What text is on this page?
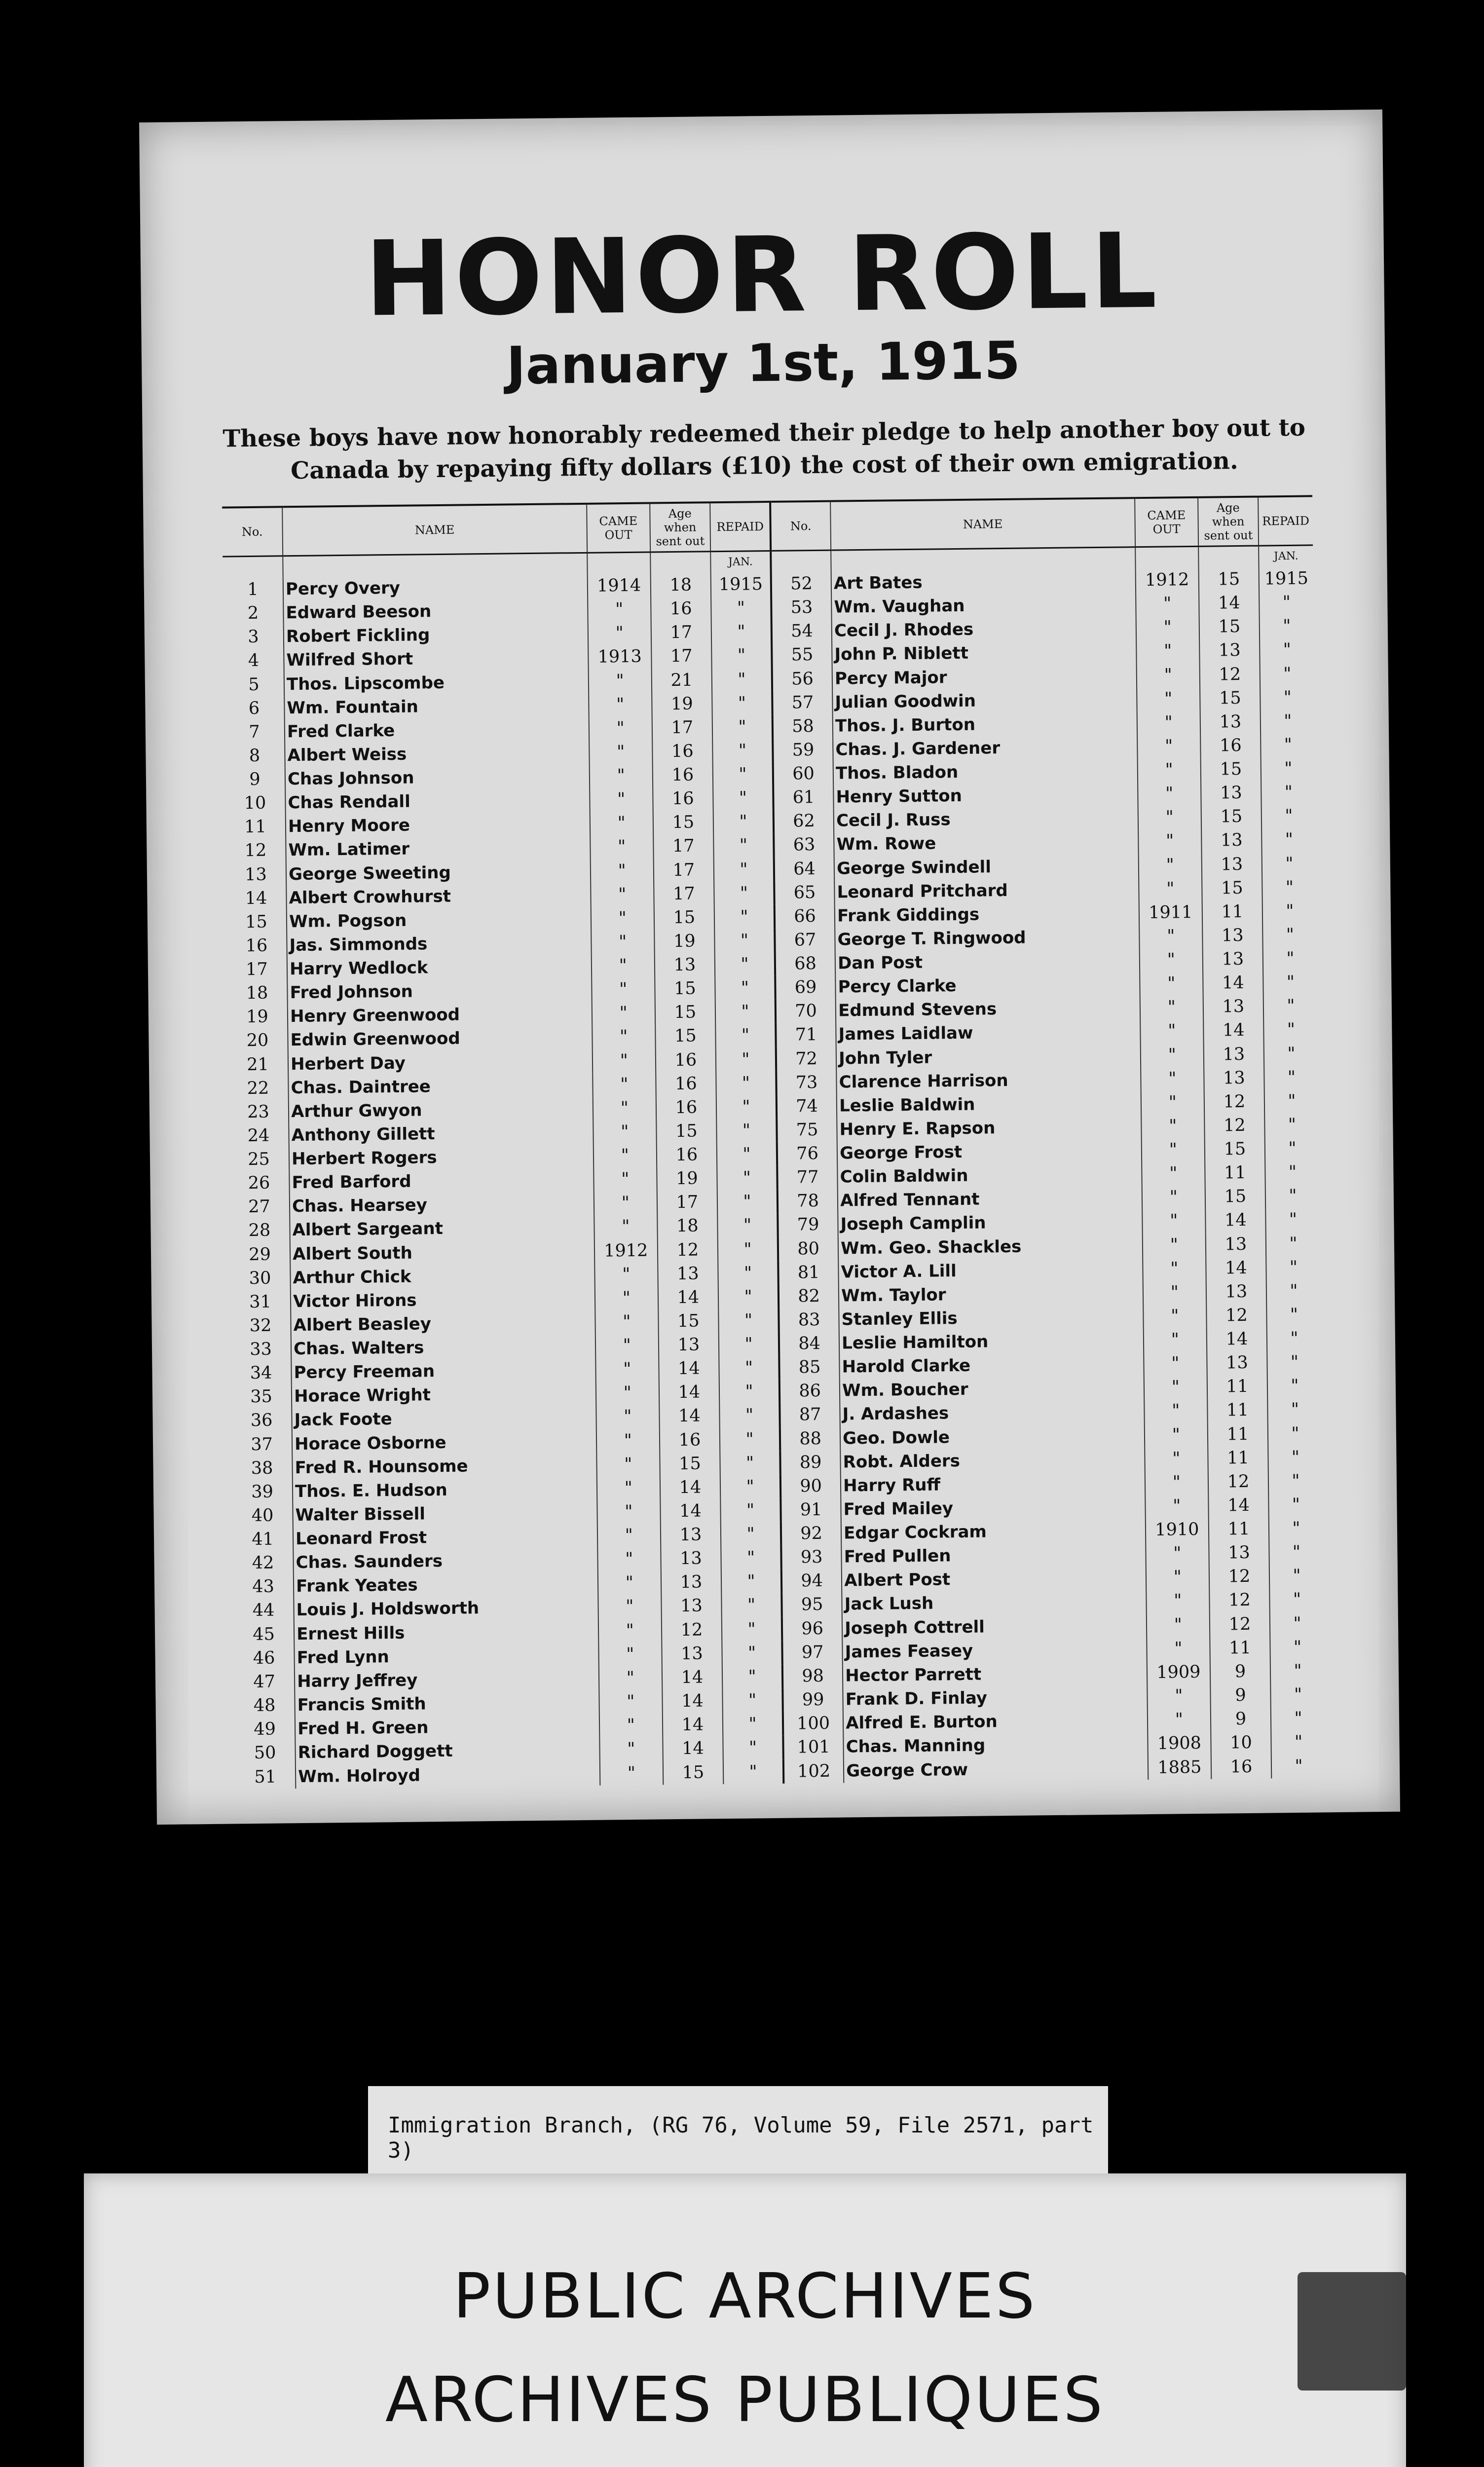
HONOR ROLL
January 1st, 1915
These boys have now honorably redeemed their pledge to help another boy out to Canada by repaying fifty dollars (£10) the cost of their own emigration.
No.	NAME	CAME OUT	Age when sent out	REPAID	No.	NAME	CAME OUT	Age when sent out	REPAID
				JAN.					JAN.
1	Percy Overy	1914	18	1915	52	Art Bates	1912	15	1915
2	Edward Beeson	"	16	"	53	Wm. Vaughan	"	14	"
3	Robert Fickling	"	17	"	54	Cecil J. Rhodes	"	15	"
4	Wilfred Short	1913	17	"	55	John P. Niblett	"	13	"
5	Thos. Lipscombe	"	21	"	56	Percy Major	"	12	"
6	Wm. Fountain	"	19	"	57	Julian Goodwin	"	15	"
7	Fred Clarke	"	17	"	58	Thos. J. Burton	"	13	"
8	Albert Weiss	"	16	"	59	Chas. J. Gardener	"	16	"
9	Chas Johnson	"	16	"	60	Thos. Bladon	"	15	"
10	Chas Rendall	"	16	"	61	Henry Sutton	"	13	"
11	Henry Moore	"	15	"	62	Cecil J. Russ	"	15	"
12	Wm. Latimer	"	17	"	63	Wm. Rowe	"	13	"
13	George Sweeting	"	17	"	64	George Swindell	"	13	"
14	Albert Crowhurst	"	17	"	65	Leonard Pritchard	"	15	"
15	Wm. Pogson	"	15	"	66	Frank Giddings	1911	11	"
16	Jas. Simmonds	"	19	"	67	George T. Ringwood	"	13	"
17	Harry Wedlock	"	13	"	68	Dan Post	"	13	"
18	Fred Johnson	"	15	"	69	Percy Clarke	"	14	"
19	Henry Greenwood	"	15	"	70	Edmund Stevens	"	13	"
20	Edwin Greenwood	"	15	"	71	James Laidlaw	"	14	"
21	Herbert Day	"	16	"	72	John Tyler	"	13	"
22	Chas. Daintree	"	16	"	73	Clarence Harrison	"	13	"
23	Arthur Gwyon	"	16	"	74	Leslie Baldwin	"	12	"
24	Anthony Gillett	"	15	"	75	Henry E. Rapson	"	12	"
25	Herbert Rogers	"	16	"	76	George Frost	"	15	"
26	Fred Barford	"	19	"	77	Colin Baldwin	"	11	"
27	Chas. Hearsey	"	17	"	78	Alfred Tennant	"	15	"
28	Albert Sargeant	"	18	"	79	Joseph Camplin	"	14	"
29	Albert South	1912	12	"	80	Wm. Geo. Shackles	"	13	"
30	Arthur Chick	"	13	"	81	Victor A. Lill	"	14	"
31	Victor Hirons	"	14	"	82	Wm. Taylor	"	13	"
32	Albert Beasley	"	15	"	83	Stanley Ellis	"	12	"
33	Chas. Walters	"	13	"	84	Leslie Hamilton	"	14	"
34	Percy Freeman	"	14	"	85	Harold Clarke	"	13	"
35	Horace Wright	"	14	"	86	Wm. Boucher	"	11	"
36	Jack Foote	"	14	"	87	J. Ardashes	"	11	"
37	Horace Osborne	"	16	"	88	Geo. Dowle	"	11	"
38	Fred R. Hounsome	"	15	"	89	Robt. Alders	"	11	"
39	Thos. E. Hudson	"	14	"	90	Harry Ruff	"	12	"
40	Walter Bissell	"	14	"	91	Fred Mailey	"	14	"
41	Leonard Frost	"	13	"	92	Edgar Cockram	1910	11	"
42	Chas. Saunders	"	13	"	93	Fred Pullen	"	13	"
43	Frank Yeates	"	13	"	94	Albert Post	"	12	"
44	Louis J. Holdsworth	"	13	"	95	Jack Lush	"	12	"
45	Ernest Hills	"	12	"	96	Joseph Cottrell	"	12	"
46	Fred Lynn	"	13	"	97	James Feasey	"	11	"
47	Harry Jeffrey	"	14	"	98	Hector Parrett	1909	9	"
48	Francis Smith	"	14	"	99	Frank D. Finlay	"	9	"
49	Fred H. Green	"	14	"	100	Alfred E. Burton	"	9	"
50	Richard Doggett	"	14	"	101	Chas. Manning	1908	10	"
51	Wm. Holroyd	"	15	"	102	George Crow	1885	16	"
Immigration Branch, (RG 76, Volume 59, File 2571, part 3)
PUBLIC ARCHIVES
ARCHIVES PUBLIQUES
